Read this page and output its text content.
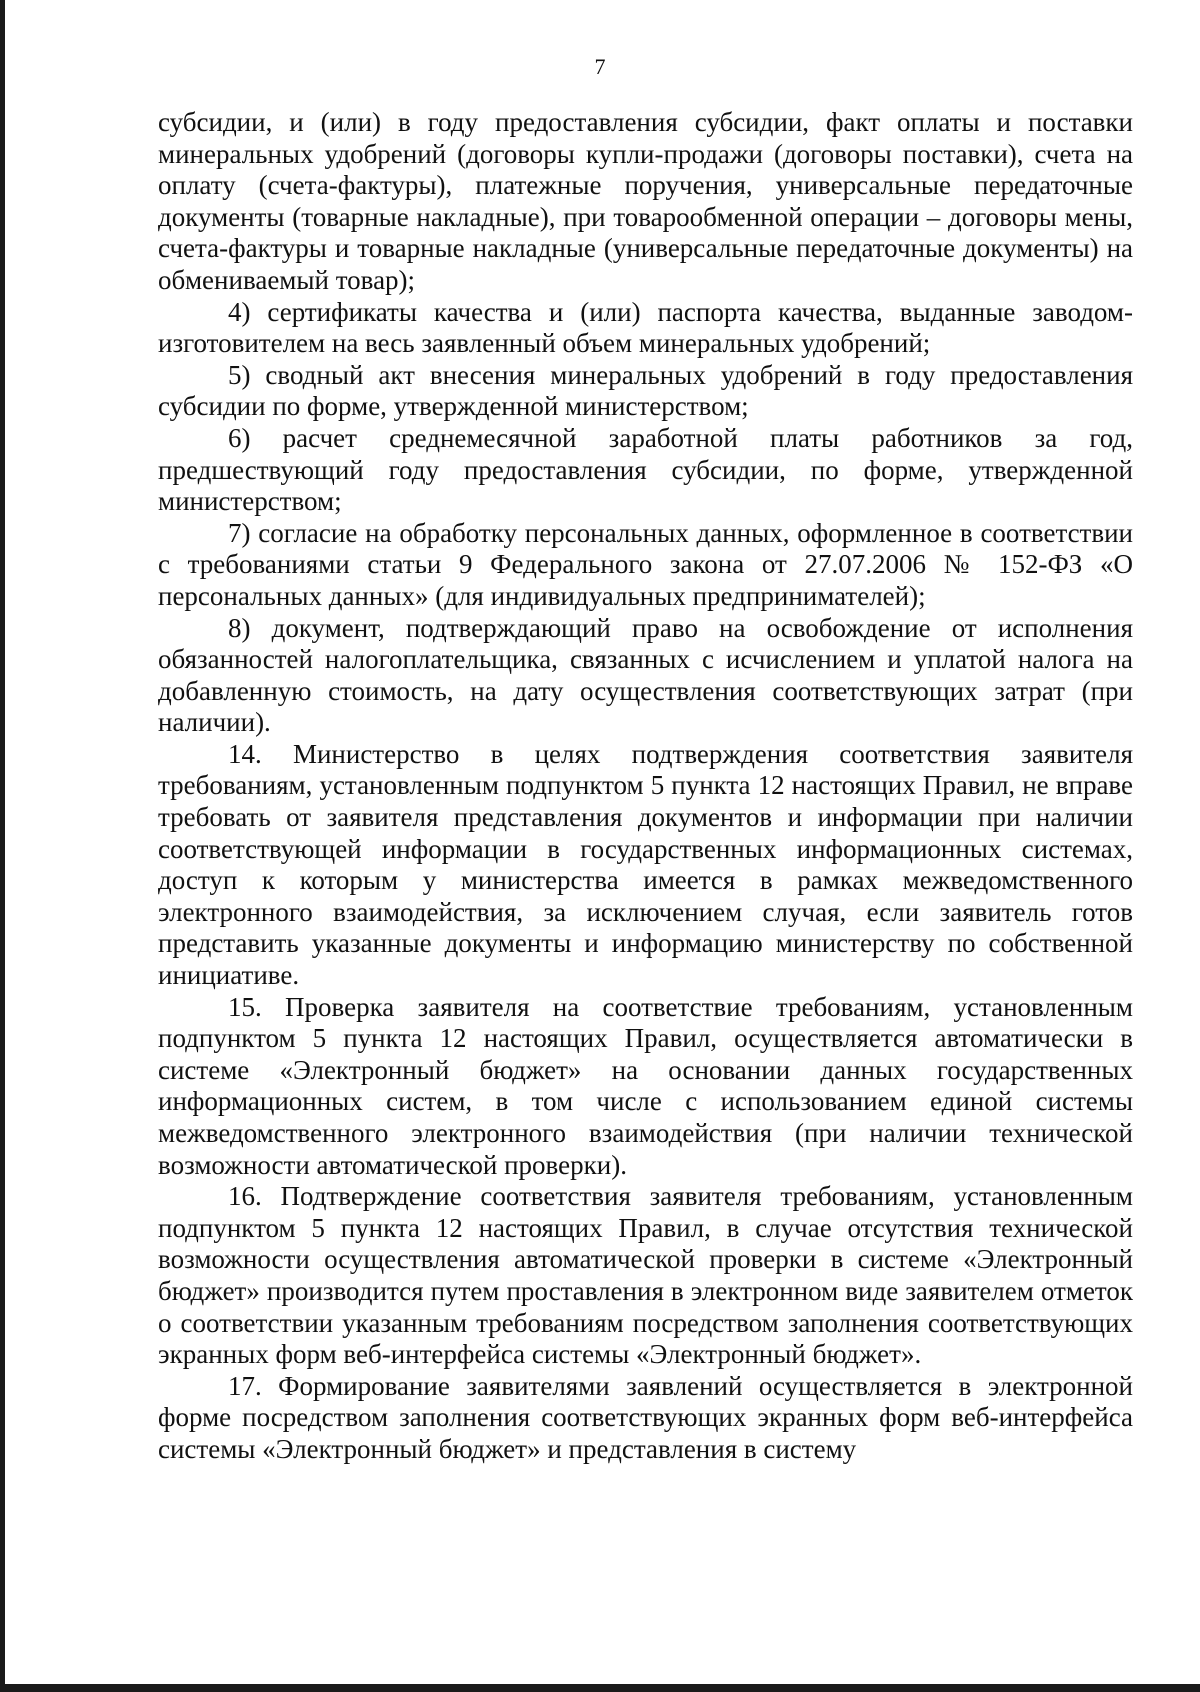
7

субсидии, и (или) в году предоставления субсидии, факт оплаты и поставки минеральных удобрений (договоры купли-продажи (договоры поставки), счета на оплату (счета-фактуры), платежные поручения, универсальные передаточные документы (товарные накладные), при товарообменной операции – договоры мены, счета-фактуры и товарные накладные (универсальные передаточные документы) на обмениваемый товар);

4) сертификаты качества и (или) паспорта качества, выданные заводом-изготовителем на весь заявленный объем минеральных удобрений;

5) сводный акт внесения минеральных удобрений в году предоставления субсидии по форме, утвержденной министерством;

6) расчет среднемесячной заработной платы работников за год, предшествующий году предоставления субсидии, по форме, утвержденной министерством;

7) согласие на обработку персональных данных, оформленное в соответствии с требованиями статьи 9 Федерального закона от 27.07.2006 № 152-ФЗ «О персональных данных» (для индивидуальных предпринимателей);

8) документ, подтверждающий право на освобождение от исполнения обязанностей налогоплательщика, связанных с исчислением и уплатой налога на добавленную стоимость, на дату осуществления соответствующих затрат (при наличии).

14. Министерство в целях подтверждения соответствия заявителя требованиям, установленным подпунктом 5 пункта 12 настоящих Правил, не вправе требовать от заявителя представления документов и информации при наличии соответствующей информации в государственных информационных системах, доступ к которым у министерства имеется в рамках межведомственного электронного взаимодействия, за исключением случая, если заявитель готов представить указанные документы и информацию министерству по собственной инициативе.

15. Проверка заявителя на соответствие требованиям, установленным подпунктом 5 пункта 12 настоящих Правил, осуществляется автоматически в системе «Электронный бюджет» на основании данных государственных информационных систем, в том числе с использованием единой системы межведомственного электронного взаимодействия (при наличии технической возможности автоматической проверки).

16. Подтверждение соответствия заявителя требованиям, установленным подпунктом 5 пункта 12 настоящих Правил, в случае отсутствия технической возможности осуществления автоматической проверки в системе «Электронный бюджет» производится путем проставления в электронном виде заявителем отметок о соответствии указанным требованиям посредством заполнения соответствующих экранных форм веб-интерфейса системы «Электронный бюджет».

17. Формирование заявителями заявлений осуществляется в электронной форме посредством заполнения соответствующих экранных форм веб-интерфейса системы «Электронный бюджет» и представления в систему
